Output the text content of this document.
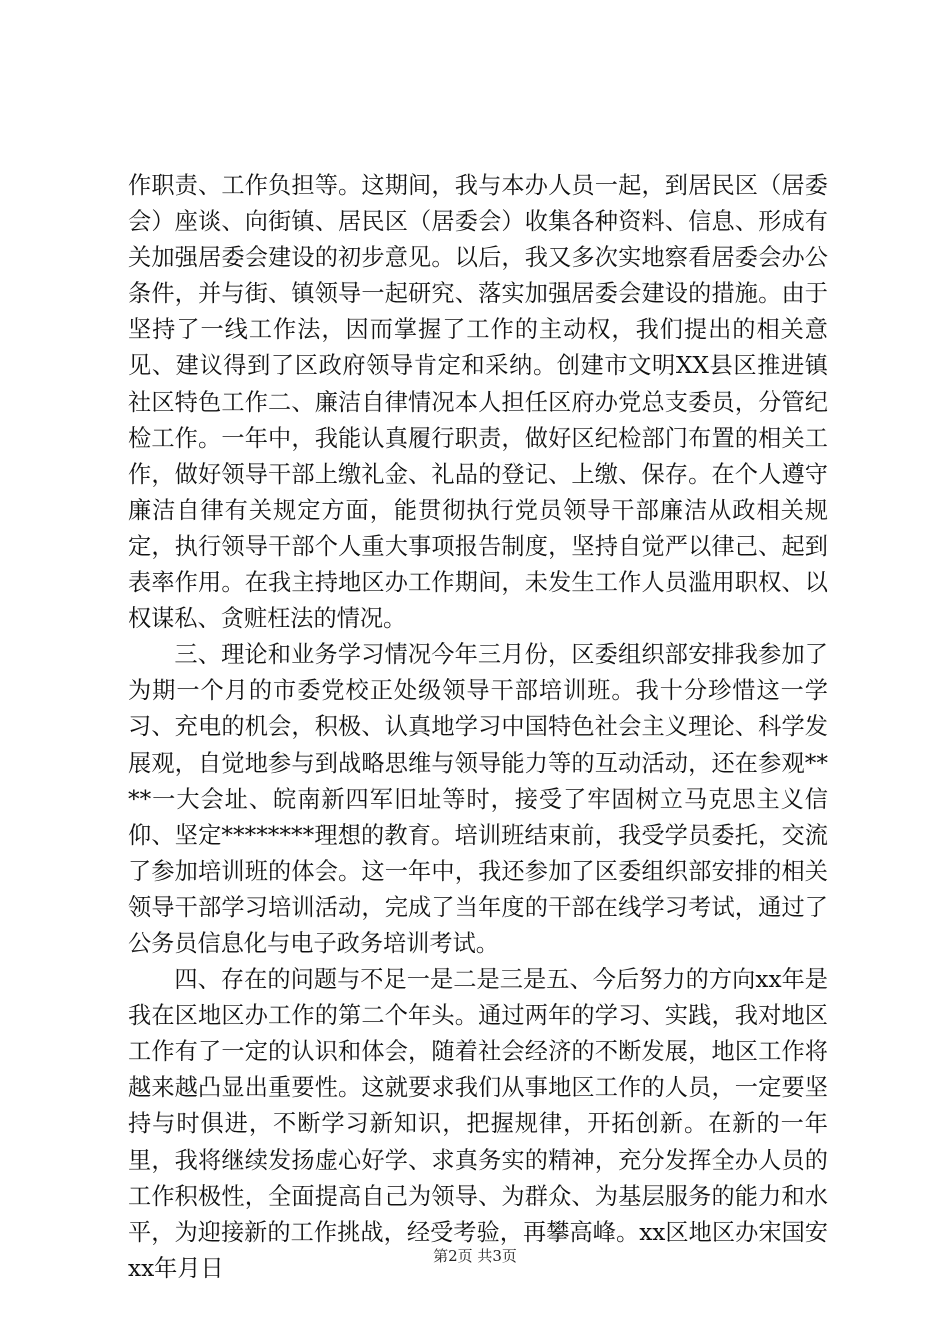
作职责、工作负担等。这期间，我与本办人员一起，到居民区（居委会）座谈、向街镇、居民区（居委会）收集各种资料、信息、形成有关加强居委会建设的初步意见。以后，我又多次实地察看居委会办公条件，并与街、镇领导一起研究、落实加强居委会建设的措施。由于坚持了一线工作法，因而掌握了工作的主动权，我们提出的相关意见、建议得到了区政府领导肯定和采纳。创建市文明XX县区推进镇社区特色工作二、廉洁自律情况本人担任区府办党总支委员，分管纪检工作。一年中，我能认真履行职责，做好区纪检部门布置的相关工作，做好领导干部上缴礼金、礼品的登记、上缴、保存。在个人遵守廉洁自律有关规定方面，能贯彻执行党员领导干部廉洁从政相关规定，执行领导干部个人重大事项报告制度，坚持自觉严以律己、起到表率作用。在我主持地区办工作期间，未发生工作人员滥用职权、以权谋私、贪赃枉法的情况。

三、理论和业务学习情况今年三月份，区委组织部安排我参加了为期一个月的市委党校正处级领导干部培训班。我十分珍惜这一学习、充电的机会，积极、认真地学习中国特色社会主义理论、科学发展观，自觉地参与到战略思维与领导能力等的互动活动，还在参观****一大会址、皖南新四军旧址等时，接受了牢固树立马克思主义信仰、坚定********理想的教育。培训班结束前，我受学员委托，交流了参加培训班的体会。这一年中，我还参加了区委组织部安排的相关领导干部学习培训活动，完成了当年度的干部在线学习考试，通过了公务员信息化与电子政务培训考试。

四、存在的问题与不足一是二是三是五、今后努力的方向xx年是我在区地区办工作的第二个年头。通过两年的学习、实践，我对地区工作有了一定的认识和体会，随着社会经济的不断发展，地区工作将越来越凸显出重要性。这就要求我们从事地区工作的人员，一定要坚持与时俱进，不断学习新知识，把握规律，开拓创新。在新的一年里，我将继续发扬虚心好学、求真务实的精神，充分发挥全办人员的工作积极性，全面提高自己为领导、为群众、为基层服务的能力和水平，为迎接新的工作挑战，经受考验，再攀高峰。xx区地区办宋国安xx年月日	第2页 共3页
